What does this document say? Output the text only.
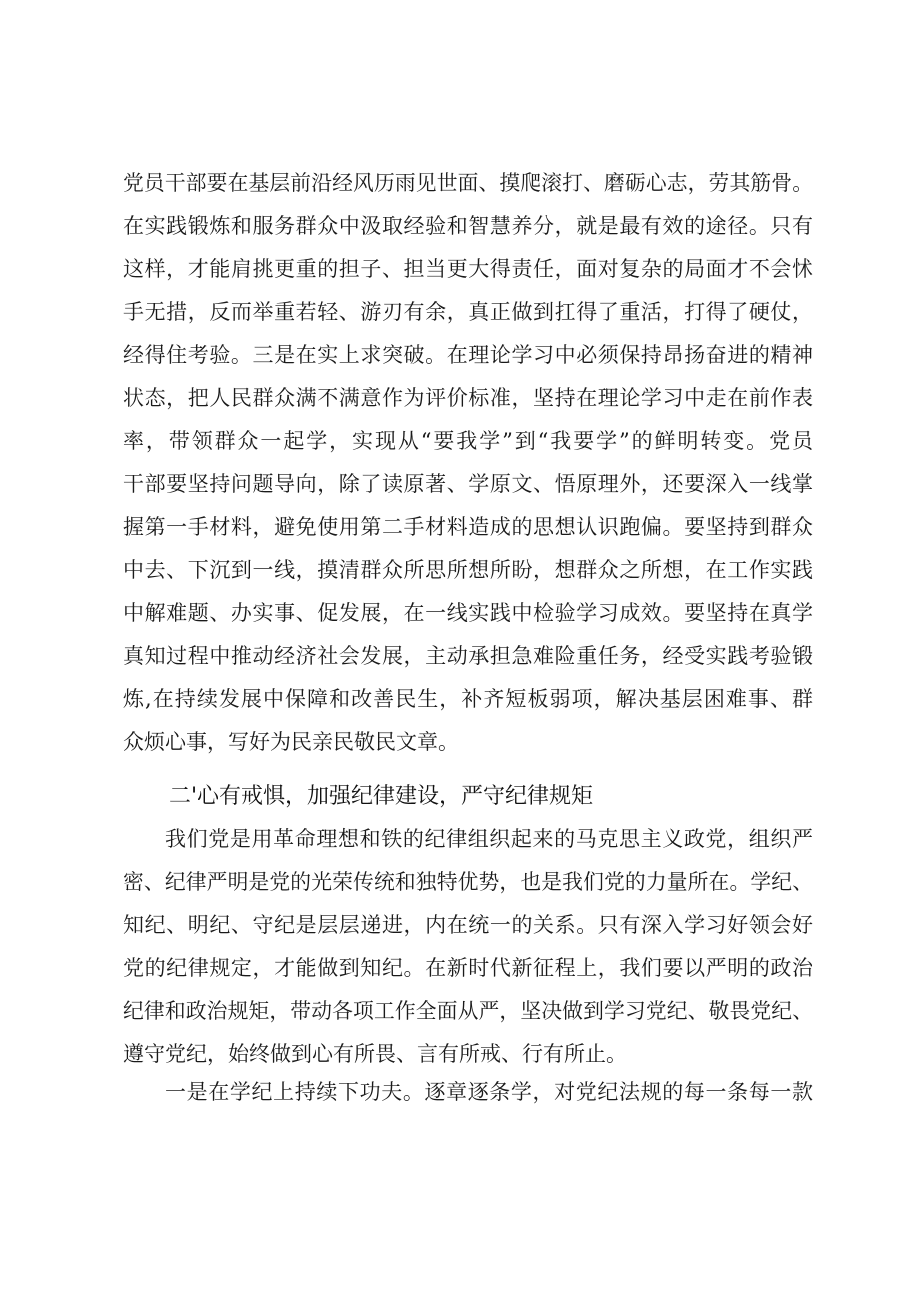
党员干部要在基层前沿经风历雨见世面、摸爬滚打、磨砺心志，劳其筋骨。
在实践锻炼和服务群众中汲取经验和智慧养分，就是最有效的途径。只有
这样，才能肩挑更重的担子、担当更大得责任，面对复杂的局面才不会怵
手无措，反而举重若轻、游刃有余，真正做到扛得了重活，打得了硬仗，
经得住考验。三是在实上求突破。在理论学习中必须保持昂扬奋进的精神
状态，把人民群众满不满意作为评价标准，坚持在理论学习中走在前作表
率，带领群众一起学，实现从“要我学”到“我要学”的鲜明转变。党员
干部要坚持问题导向，除了读原著、学原文、悟原理外，还要深入一线掌
握第一手材料，避免使用第二手材料造成的思想认识跑偏。要坚持到群众
中去、下沉到一线，摸清群众所思所想所盼，想群众之所想，在工作实践
中解难题、办实事、促发展，在一线实践中检验学习成效。要坚持在真学
真知过程中推动经济社会发展，主动承担急难险重任务，经受实践考验锻
炼,在持续发展中保障和改善民生，补齐短板弱项，解决基层困难事、群
众烦心事，写好为民亲民敬民文章。
二'心有戒惧，加强纪律建设，严守纪律规矩
我们党是用革命理想和铁的纪律组织起来的马克思主义政党，组织严
密、纪律严明是党的光荣传统和独特优势，也是我们党的力量所在。学纪、
知纪、明纪、守纪是层层递进，内在统一的关系。只有深入学习好领会好
党的纪律规定，才能做到知纪。在新时代新征程上，我们要以严明的政治
纪律和政治规矩，带动各项工作全面从严，坚决做到学习党纪、敬畏党纪、
遵守党纪，始终做到心有所畏、言有所戒、行有所止。
一是在学纪上持续下功夫。逐章逐条学，对党纪法规的每一条每一款
